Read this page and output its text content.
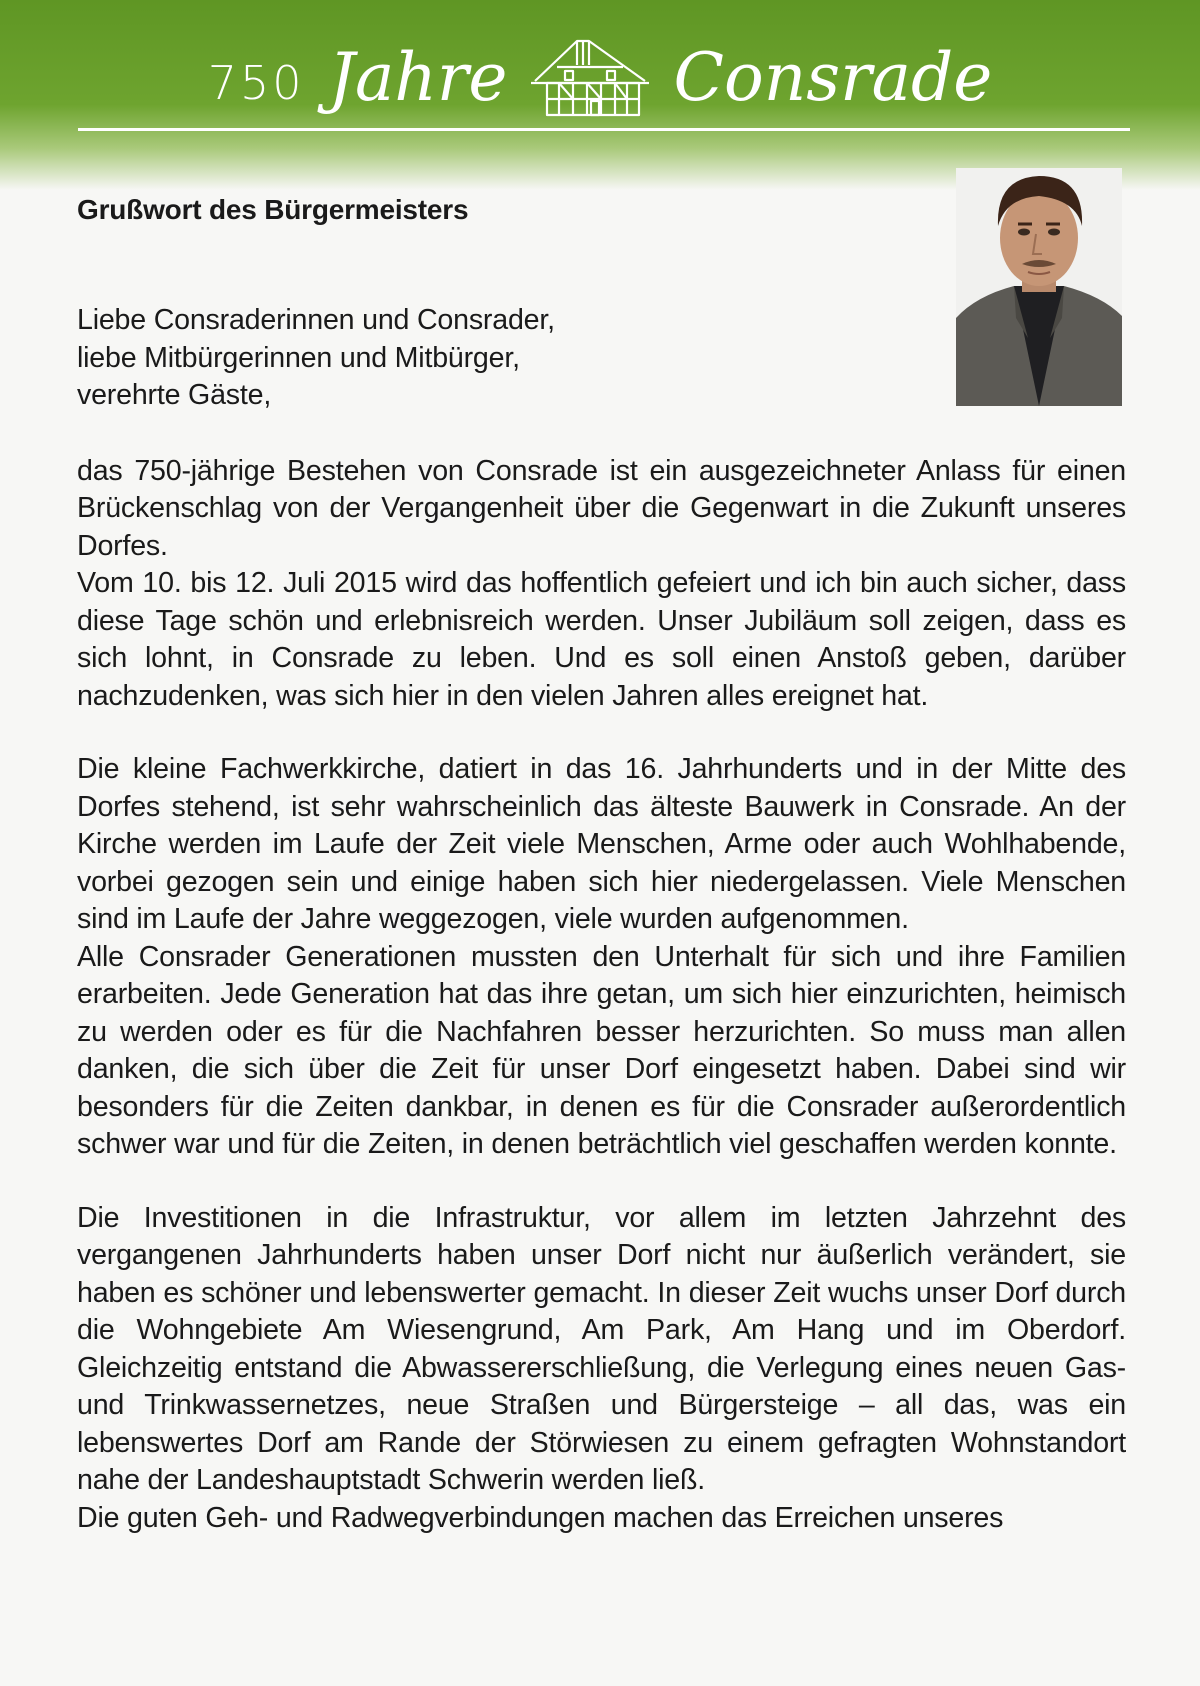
750 Jahre	Consrade
Grußwort des Bürgermeisters
Liebe Consraderinnen und Consrader,
liebe Mitbürgerinnen und Mitbürger,
verehrte Gäste,

das 750-jährige Bestehen von Consrade ist ein ausgezeichneter Anlass für einen Brückenschlag von der Vergangenheit über die Gegenwart in die Zukunft unseres Dorfes.

Vom 10. bis 12. Juli 2015 wird das hoffentlich gefeiert und ich bin auch sicher, dass diese Tage schön und erlebnisreich werden. Unser Jubiläum soll zeigen, dass es sich lohnt, in Consrade zu leben. Und es soll einen Anstoß geben, darüber nachzudenken, was sich hier in den vielen Jahren alles ereignet hat.

Die kleine Fachwerkkirche, datiert in das 16. Jahrhunderts und in der Mitte des Dorfes stehend, ist sehr wahrscheinlich das älteste Bauwerk in Consrade. An der Kirche werden im Laufe der Zeit viele Menschen, Arme oder auch Wohlhabende, vorbei gezogen sein und einige haben sich hier niedergelassen. Viele Menschen sind im Laufe der Jahre weggezogen, viele wurden aufgenommen.

Alle Consrader Generationen mussten den Unterhalt für sich und ihre Familien erarbeiten. Jede Generation hat das ihre getan, um sich hier einzurichten, heimisch zu werden oder es für die Nachfahren besser herzurichten. So muss man allen danken, die sich über die Zeit für unser Dorf eingesetzt haben. Dabei sind wir besonders für die Zeiten dankbar, in denen es für die Consrader außerordentlich schwer war und für die Zeiten, in denen beträchtlich viel geschaffen werden konnte.

Die Investitionen in die Infrastruktur, vor allem im letzten Jahrzehnt des vergangenen Jahrhunderts haben unser Dorf nicht nur äußerlich verändert, sie haben es schöner und lebenswerter gemacht. In dieser Zeit wuchs unser Dorf durch die Wohngebiete Am Wiesengrund, Am Park, Am Hang und im Oberdorf. Gleichzeitig entstand die Abwassererschließung, die Verlegung eines neuen Gas- und Trinkwassernetzes, neue Straßen und Bürgersteige – all das, was ein lebenswertes Dorf am Rande der Störwiesen zu einem gefragten Wohnstandort nahe der Landeshauptstadt Schwerin werden ließ.

Die guten Geh- und Radwegverbindungen machen das Erreichen unseres
